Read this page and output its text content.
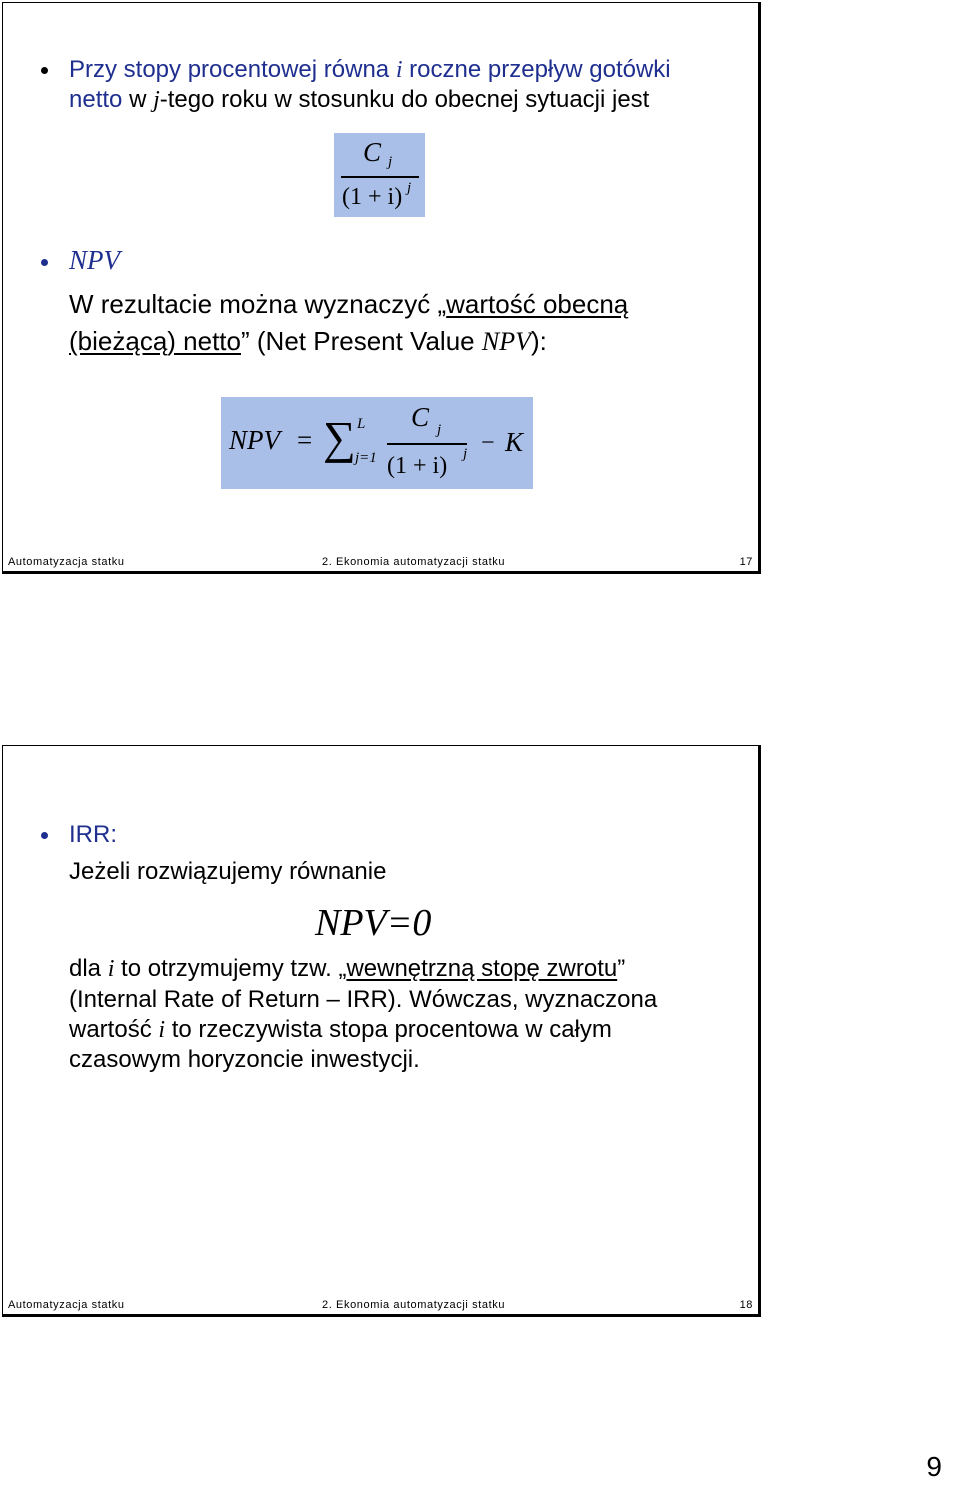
Przy stopy procentowej równa i roczne przepływ gotówki
netto w j-tego roku w stosunku do obecnej sytuacji jest
C j
(1 + i) j
NPV
W rezultacie można wyznaczyć „wartość obecną
(bieżącą) netto” (Net Present Value NPV):
NPV = ∑ L
j=1
C j
(1 + i) j − K
Automatyzacja statku	2. Ekonomia automatyzacji statku	17
IRR:
Jeżeli rozwiązujemy równanie
NPV=0
dla i to otrzymujemy tzw. „wewnętrzną stopę zwrotu”
(Internal Rate of Return – IRR). Wówczas, wyznaczona
wartość i to rzeczywista stopa procentowa w całym
czasowym horyzoncie inwestycji.
Automatyzacja statku	2. Ekonomia automatyzacji statku	18
9
